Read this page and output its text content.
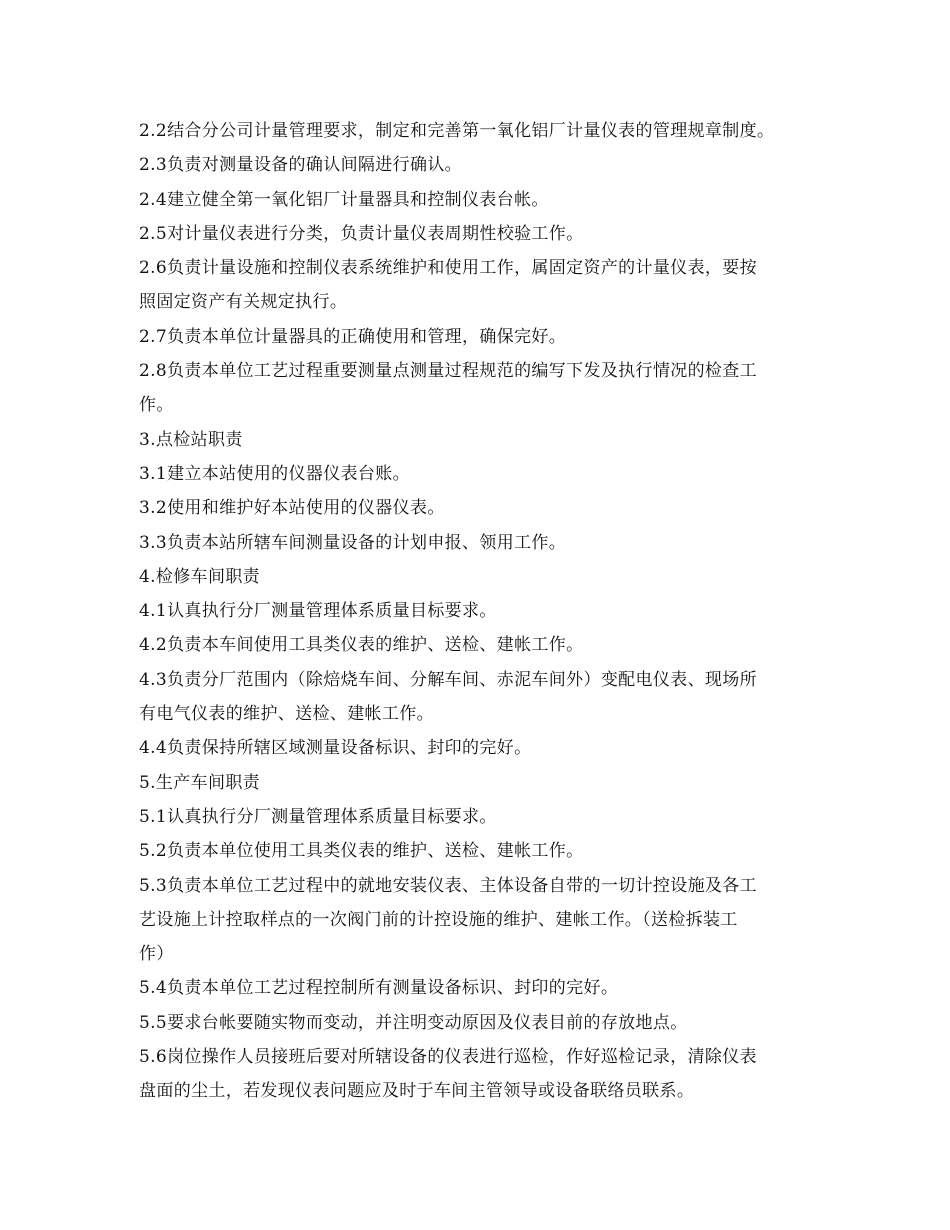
2.2结合分公司计量管理要求，制定和完善第一氧化铝厂计量仪表的管理规章制度。
2.3负责对测量设备的确认间隔进行确认。
2.4建立健全第一氧化铝厂计量器具和控制仪表台帐。
2.5对计量仪表进行分类，负责计量仪表周期性校验工作。
2.6负责计量设施和控制仪表系统维护和使用工作，属固定资产的计量仪表，要按
照固定资产有关规定执行。
2.7负责本单位计量器具的正确使用和管理，确保完好。
2.8负责本单位工艺过程重要测量点测量过程规范的编写下发及执行情况的检查工
作。
3.点检站职责
3.1建立本站使用的仪器仪表台账。
3.2使用和维护好本站使用的仪器仪表。
3.3负责本站所辖车间测量设备的计划申报、领用工作。
4.检修车间职责
4.1认真执行分厂测量管理体系质量目标要求。
4.2负责本车间使用工具类仪表的维护、送检、建帐工作。
4.3负责分厂范围内（除焙烧车间、分解车间、赤泥车间外）变配电仪表、现场所
有电气仪表的维护、送检、建帐工作。
4.4负责保持所辖区域测量设备标识、封印的完好。
5.生产车间职责
5.1认真执行分厂测量管理体系质量目标要求。
5.2负责本单位使用工具类仪表的维护、送检、建帐工作。
5.3负责本单位工艺过程中的就地安装仪表、主体设备自带的一切计控设施及各工
艺设施上计控取样点的一次阀门前的计控设施的维护、建帐工作。（送检拆装工
作）
5.4负责本单位工艺过程控制所有测量设备标识、封印的完好。
5.5要求台帐要随实物而变动，并注明变动原因及仪表目前的存放地点。
5.6岗位操作人员接班后要对所辖设备的仪表进行巡检，作好巡检记录，清除仪表
盘面的尘土，若发现仪表问题应及时于车间主管领导或设备联络员联系。
